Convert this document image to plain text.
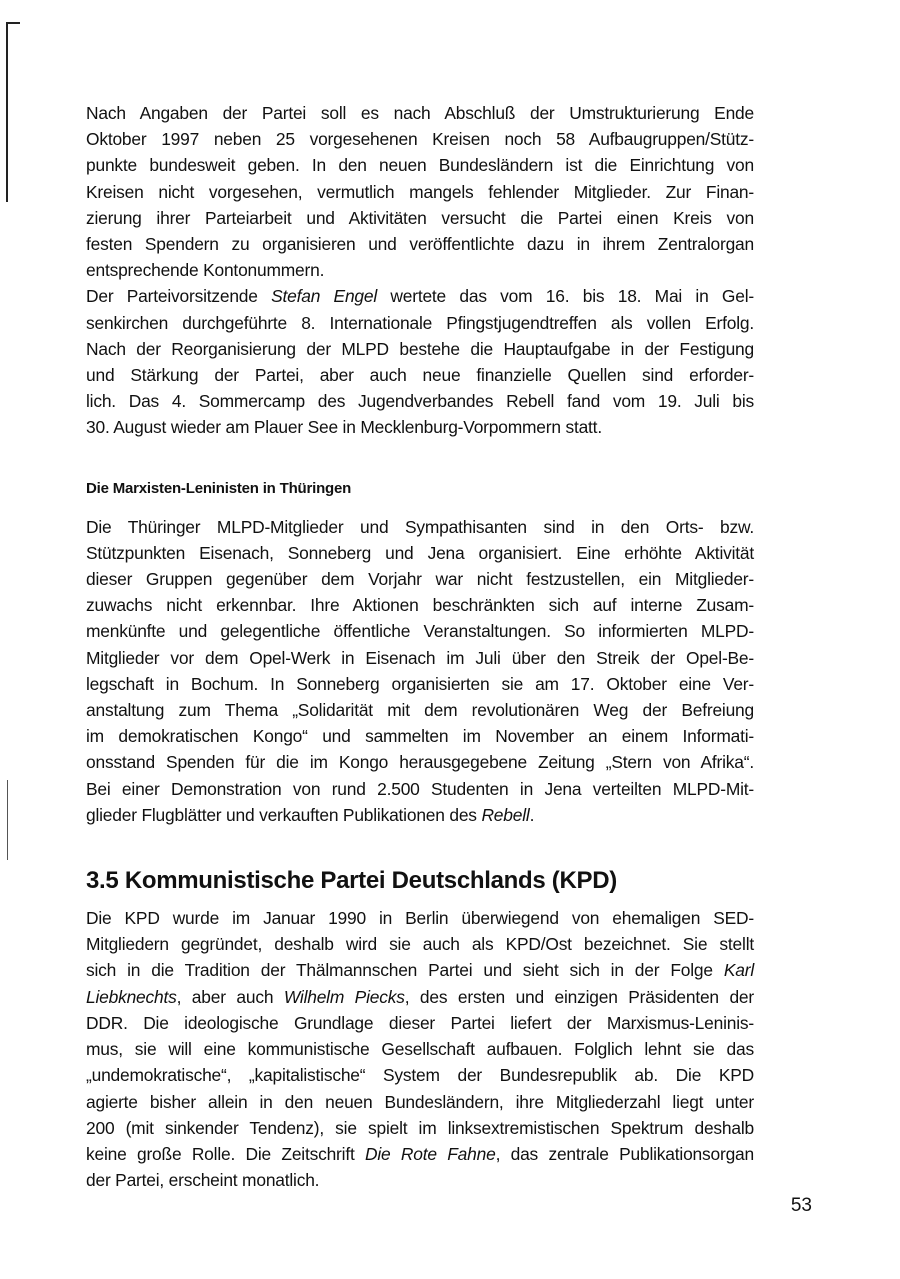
Nach Angaben der Partei soll es nach Abschluß der Umstrukturierung Ende
Oktober 1997 neben 25 vorgesehenen Kreisen noch 58 Aufbaugruppen/Stütz-
punkte bundesweit geben. In den neuen Bundesländern ist die Einrichtung von
Kreisen nicht vorgesehen, vermutlich mangels fehlender Mitglieder. Zur Finan-
zierung ihrer Parteiarbeit und Aktivitäten versucht die Partei einen Kreis von
festen Spendern zu organisieren und veröffentlichte dazu in ihrem Zentralorgan
entsprechende Kontonummern.

Der Parteivorsitzende Stefan Engel wertete das vom 16. bis 18. Mai in Gel-
senkirchen durchgeführte 8. Internationale Pfingstjugendtreffen als vollen Erfolg.
Nach der Reorganisierung der MLPD bestehe die Hauptaufgabe in der Festigung
und Stärkung der Partei, aber auch neue finanzielle Quellen sind erforder-
lich. Das 4. Sommercamp des Jugendverbandes Rebell fand vom 19. Juli bis
30. August wieder am Plauer See in Mecklenburg-Vorpommern statt.

Die Marxisten-Leninisten in Thüringen

Die Thüringer MLPD-Mitglieder und Sympathisanten sind in den Orts- bzw.
Stützpunkten Eisenach, Sonneberg und Jena organisiert. Eine erhöhte Aktivität
dieser Gruppen gegenüber dem Vorjahr war nicht festzustellen, ein Mitglieder-
zuwachs nicht erkennbar. Ihre Aktionen beschränkten sich auf interne Zusam-
menkünfte und gelegentliche öffentliche Veranstaltungen. So informierten MLPD-
Mitglieder vor dem Opel-Werk in Eisenach im Juli über den Streik der Opel-Be-
legschaft in Bochum. In Sonneberg organisierten sie am 17. Oktober eine Ver-
anstaltung zum Thema „Solidarität mit dem revolutionären Weg der Befreiung
im demokratischen Kongo“ und sammelten im November an einem Informati-
onsstand Spenden für die im Kongo herausgegebene Zeitung „Stern von Afrika“.
Bei einer Demonstration von rund 2.500 Studenten in Jena verteilten MLPD-Mit-
glieder Flugblätter und verkauften Publikationen des Rebell.

3.5 Kommunistische Partei Deutschlands (KPD)

Die KPD wurde im Januar 1990 in Berlin überwiegend von ehemaligen SED-
Mitgliedern gegründet, deshalb wird sie auch als KPD/Ost bezeichnet. Sie stellt
sich in die Tradition der Thälmannschen Partei und sieht sich in der Folge Karl
Liebknechts, aber auch Wilhelm Piecks, des ersten und einzigen Präsidenten der
DDR. Die ideologische Grundlage dieser Partei liefert der Marxismus-Leninis-
mus, sie will eine kommunistische Gesellschaft aufbauen. Folglich lehnt sie das
„undemokratische“, „kapitalistische“ System der Bundesrepublik ab. Die KPD
agierte bisher allein in den neuen Bundesländern, ihre Mitgliederzahl liegt unter
200 (mit sinkender Tendenz), sie spielt im linksextremistischen Spektrum deshalb
keine große Rolle. Die Zeitschrift Die Rote Fahne, das zentrale Publikationsorgan
der Partei, erscheint monatlich.

53
